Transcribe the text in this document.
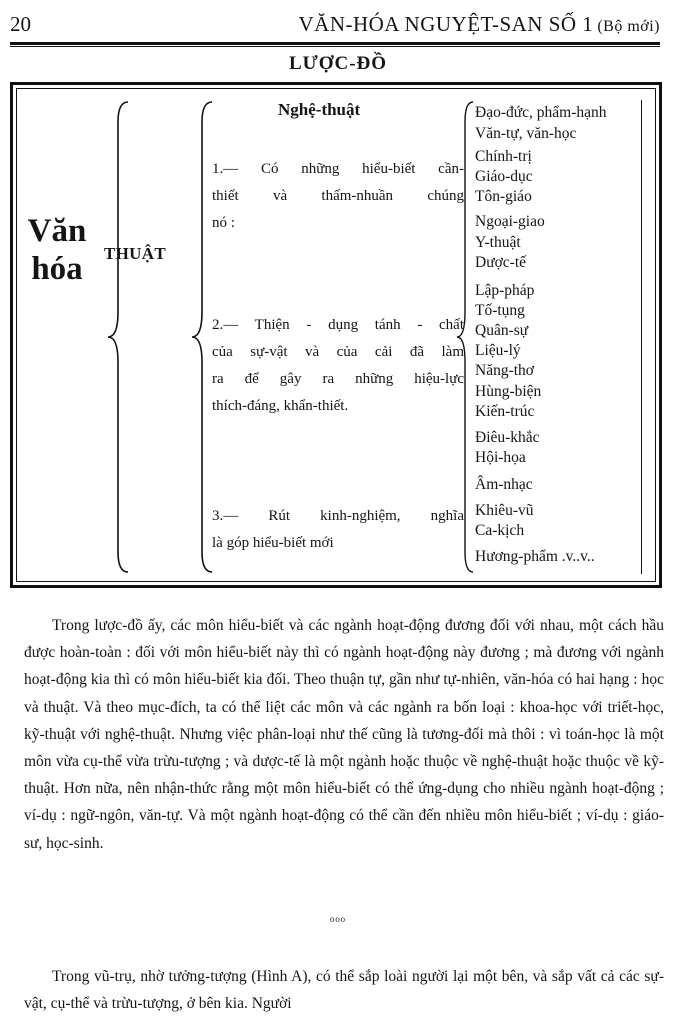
20	VĂN-HÓA NGUYỆT-SAN SỐ 1 (Bộ mới)
LƯỢC-ĐỒ
Văn hóa	THUẬT
Nghệ-thuật

1.— Có những hiểu-biết cần-

thiết và thấm-nhuần chúng

nó :

2.— Thiện - dụng tánh - chất

của sự-vật và của cải đã làm

ra để gây ra những hiệu-lực

thích-đáng, khẩn-thiết.

3.— Rút kinh-nghiệm, nghĩa

là góp hiểu-biết mới

Đạo-đức, phẩm-hạnh
Văn-tự, văn-học
Chính-trị
Giáo-dục
Tôn-giáo
Ngoại-giao
Y-thuật
Dược-tế
Lập-pháp
Tố-tụng
Quân-sự
Liệu-lý
Năng-thơ
Hùng-biện
Kiến-trúc
Điêu-khắc
Hội-họa
Âm-nhạc
Khiêu-vũ
Ca-kịch
Hương-phẩm .v..v..

Trong lược-đồ ấy, các môn hiểu-biết và các ngành hoạt-động đương đối với nhau, một cách hầu được hoàn-toàn : đối với môn hiểu-biết này thì có ngành hoạt-động này đương ; mà đương với ngành hoạt-động kia thì có môn hiểu-biết kia đối. Theo thuận tự, gần như tự-nhiên, văn-hóa có hai hạng : học và thuật. Và theo mục-đích, ta có thể liệt các môn và các ngành ra bốn loại : khoa-học với triết-học, kỹ-thuật với nghệ-thuật. Nhưng việc phân-loại như thế cũng là tương-đối mà thôi : vì toán-học là một môn vừa cụ-thể vừa trừu-tượng ; và dược-tế là một ngành hoặc thuộc về nghệ-thuật hoặc thuộc về kỹ-thuật. Hơn nữa, nên nhận-thức rằng một môn hiểu-biết có thể ứng-dụng cho nhiều ngành hoạt-động ; ví-dụ : ngữ-ngôn, văn-tự. Và một ngành hoạt-động có thể cần đến nhiều môn hiểu-biết ; ví-dụ : giáo-sư, học-sinh.

ᵒᵒᵒ

Trong vũ-trụ, nhờ tưởng-tượng (Hình A), có thể sắp loài người lại một bên, và sắp vất cả các sự-vật, cụ-thể và trừu-tượng, ở bên kia. Người
